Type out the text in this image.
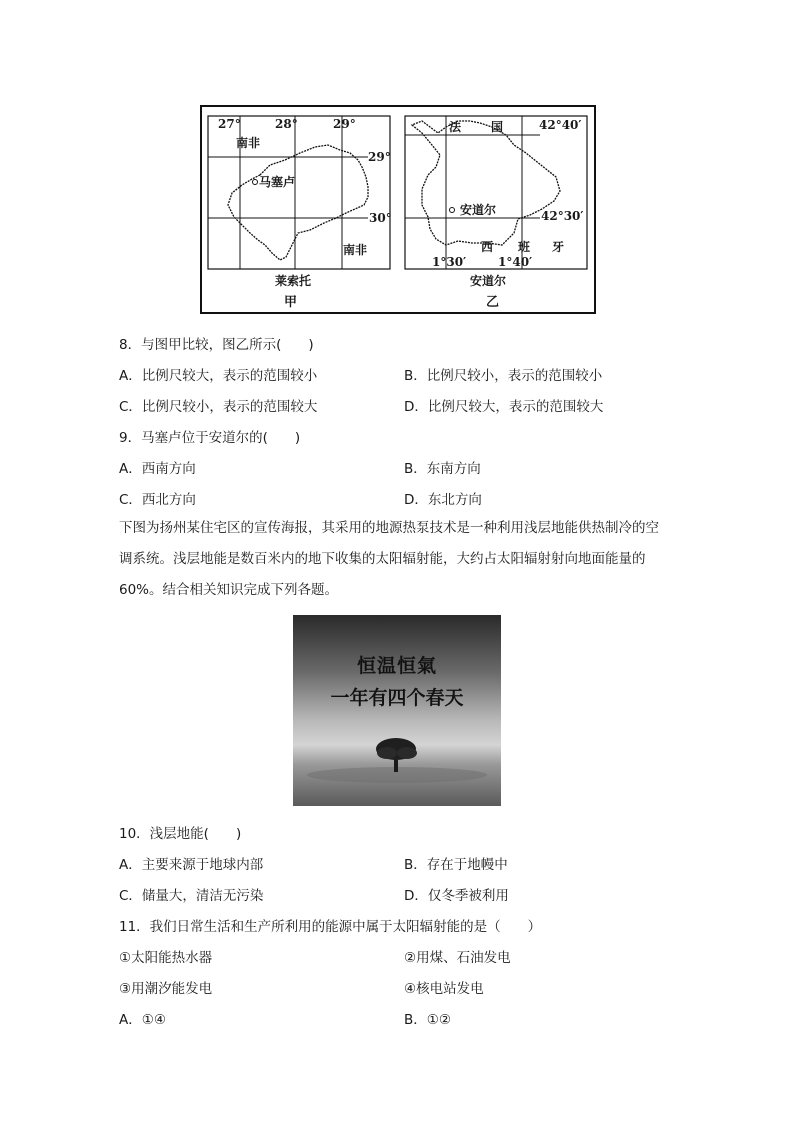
27°	28°	29°
南非
29°
马塞卢
30°
南非
莱索托
甲
法 国	42°40′
安道尔	42°30′
西 班 牙
1°30′	1°40′
安道尔
乙
8．与图甲比较，图乙所示(　　)
A．比例尺较大，表示的范围较小	B．比例尺较小，表示的范围较小
C．比例尺较小，表示的范围较大	D．比例尺较大，表示的范围较大
9．马塞卢位于安道尔的(　　)
A．西南方向	B．东南方向
C．西北方向	D．东北方向
下图为扬州某住宅区的宣传海报，其采用的地源热泵技术是一种利用浅层地能供热制冷的空
调系统。浅层地能是数百米内的地下收集的太阳辐射能，大约占太阳辐射射向地面能量的
60%。结合相关知识完成下列各题。
恒温恒氣
一年有四个春天
10．浅层地能(　　)
A．主要来源于地球内部	B．存在于地幔中
C．储量大，清洁无污染	D．仅冬季被利用
11．我们日常生活和生产所利用的能源中属于太阳辐射能的是（　　）
①太阳能热水器	②用煤、石油发电
③用潮汐能发电	④核电站发电
A．①④	B．①②
